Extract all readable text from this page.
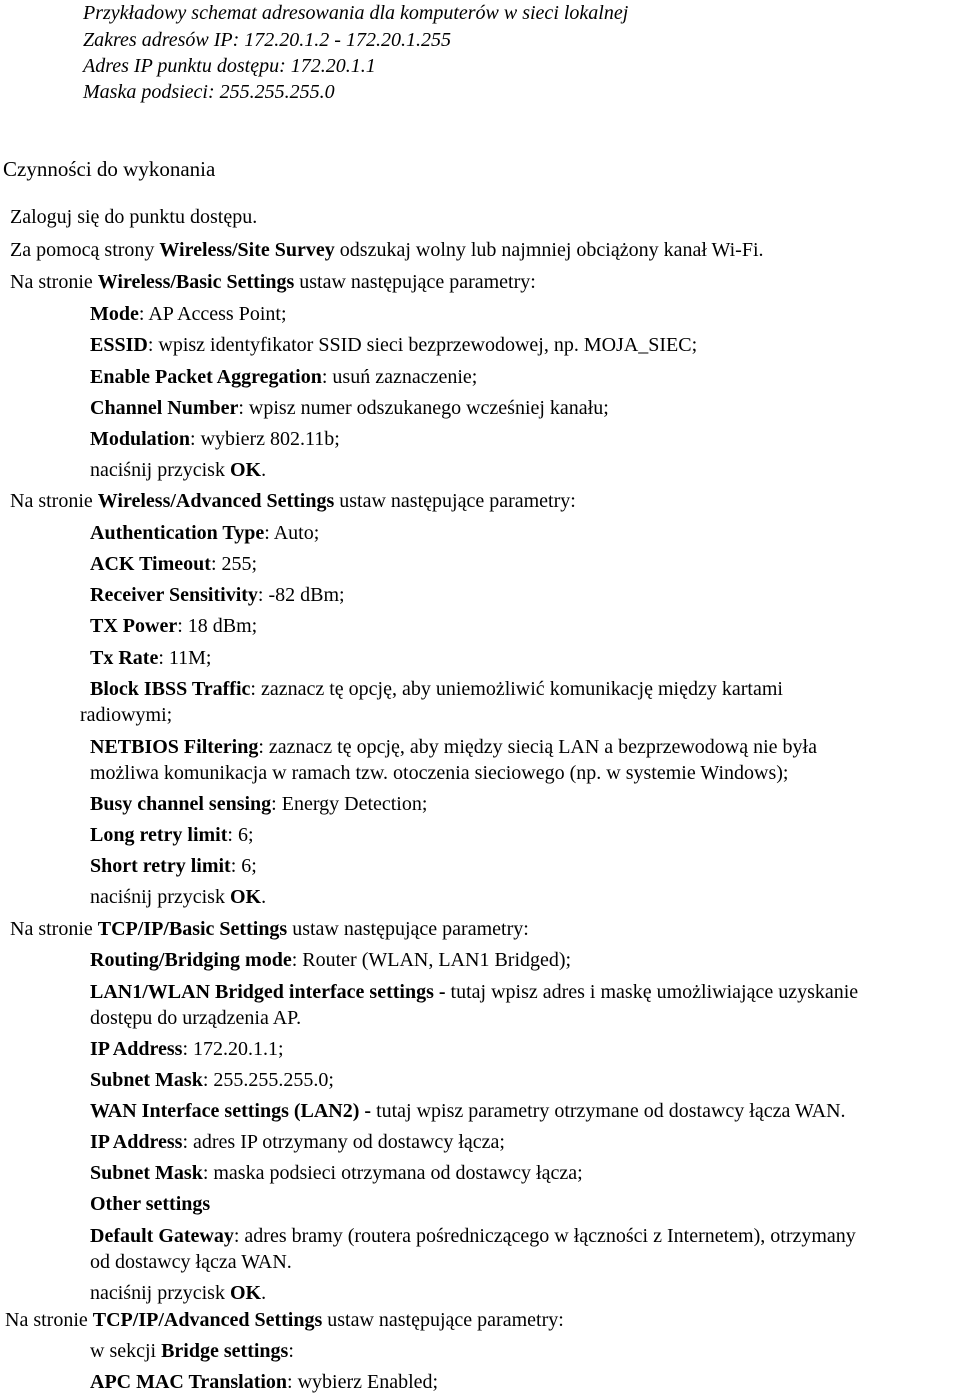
Przykładowy schemat adresowania dla komputerów w sieci lokalnej
Zakres adresów IP: 172.20.1.2 - 172.20.1.255
Adres IP punktu dostępu: 172.20.1.1
Maska podsieci: 255.255.255.0
Czynności do wykonania
Zaloguj się do punktu dostępu.
Za pomocą strony Wireless/Site Survey odszukaj wolny lub najmniej obciążony kanał Wi-Fi.
Na stronie Wireless/Basic Settings ustaw następujące parametry:
Mode: AP Access Point;
ESSID: wpisz identyfikator SSID sieci bezprzewodowej, np. MOJA_SIEC;
Enable Packet Aggregation: usuń zaznaczenie;
Channel Number: wpisz numer odszukanego wcześniej kanału;
Modulation: wybierz 802.11b;
naciśnij przycisk OK.
Na stronie Wireless/Advanced Settings ustaw następujące parametry:
Authentication Type: Auto;
ACK Timeout: 255;
Receiver Sensitivity: -82 dBm;
TX Power: 18 dBm;
Tx Rate: 11M;
Block IBSS Traffic: zaznacz tę opcję, aby uniemożliwić komunikację między kartami
radiowymi;
NETBIOS Filtering: zaznacz tę opcję, aby między siecią LAN a bezprzewodową nie była
możliwa komunikacja w ramach tzw. otoczenia sieciowego (np. w systemie Windows);
Busy channel sensing: Energy Detection;
Long retry limit: 6;
Short retry limit: 6;
naciśnij przycisk OK.
Na stronie TCP/IP/Basic Settings ustaw następujące parametry:
Routing/Bridging mode: Router (WLAN, LAN1 Bridged);
LAN1/WLAN Bridged interface settings - tutaj wpisz adres i maskę umożliwiające uzyskanie
dostępu do urządzenia AP.
IP Address: 172.20.1.1;
Subnet Mask: 255.255.255.0;
WAN Interface settings (LAN2) - tutaj wpisz parametry otrzymane od dostawcy łącza WAN.
IP Address: adres IP otrzymany od dostawcy łącza;
Subnet Mask: maska podsieci otrzymana od dostawcy łącza;
Other settings
Default Gateway: adres bramy (routera pośredniczącego w łączności z Internetem), otrzymany
od dostawcy łącza WAN.
naciśnij przycisk OK.
Na stronie TCP/IP/Advanced Settings ustaw następujące parametry:
w sekcji Bridge settings:
APC MAC Translation: wybierz Enabled;
